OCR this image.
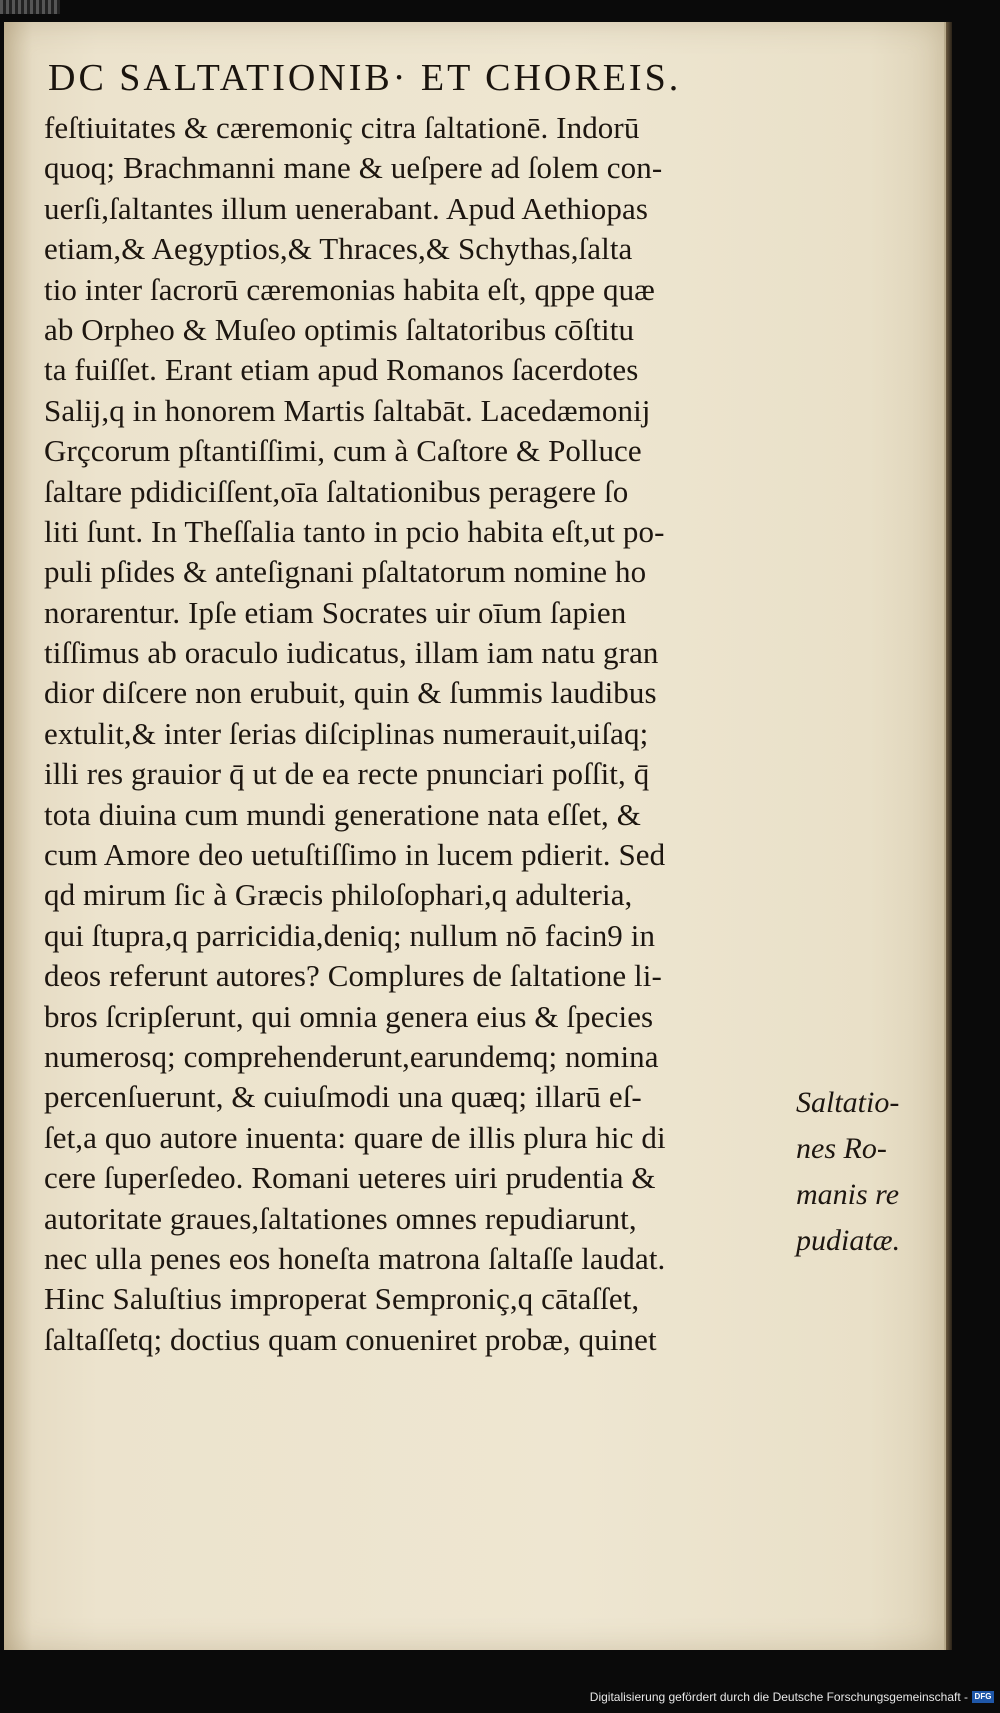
DC SALTATIONIB· ET CHOREIS.
feſtiuitates & cæremoniç citra ſaltationē. Indorū
quoq; Brachmanni mane & ueſpere ad ſolem con-
uerſi,ſaltantes illum uenerabant. Apud Aethiopas
etiam,& Aegyptios,& Thraces,& Schythas,ſalta
tio inter ſacrorū cæremonias habita eſt, qppe quæ
ab Orpheo & Muſeo optimis ſaltatoribus cōſtitu
ta fuiſſet. Erant etiam apud Romanos ſacerdotes
Salij,q in honorem Martis ſaltabāt. Lacedæmonij
Grçcorum pſtantiſſimi, cum à Caſtore & Polluce
ſaltare pdidiciſſent,oīa ſaltationibus peragere ſo
liti ſunt. In Theſſalia tanto in pcio habita eſt,ut po-
puli pſides & anteſignani pſaltatorum nomine ho
norarentur. Ipſe etiam Socrates uir oīum ſapien
tiſſimus ab oraculo iudicatus, illam iam natu gran
dior diſcere non erubuit, quin & ſummis laudibus
extulit,& inter ſerias diſciplinas numerauit,uiſaq;
illi res grauior q̄ ut de ea recte pnunciari poſſit, q̄
tota diuina cum mundi generatione nata eſſet, &
cum Amore deo uetuſtiſſimo in lucem pdierit. Sed
qd mirum ſic à Græcis philoſophari,q adulteria,
qui ſtupra,q parricidia,deniq; nullum nō facin9 in
deos referunt autores? Complures de ſaltatione li-
bros ſcripſerunt, qui omnia genera eius & ſpecies
numerosq; comprehenderunt,earundemq; nomina
percenſuerunt, & cuiuſmodi una quæq; illarū eſ-
ſet,a quo autore inuenta: quare de illis plura hic di
cere ſuperſedeo. Romani ueteres uiri prudentia &
autoritate graues,ſaltationes omnes repudiarunt,
nec ulla penes eos honeſta matrona ſaltaſſe laudat.
Hinc Saluſtius improperat Semproniç,q cātaſſet,
ſaltaſſetq; doctius quam conueniret probæ, quinet
Saltatio-
nes Ro-
manis re
pudiatæ.
Digitalisierung gefördert durch die Deutsche Forschungsgemeinschaft - DFG
